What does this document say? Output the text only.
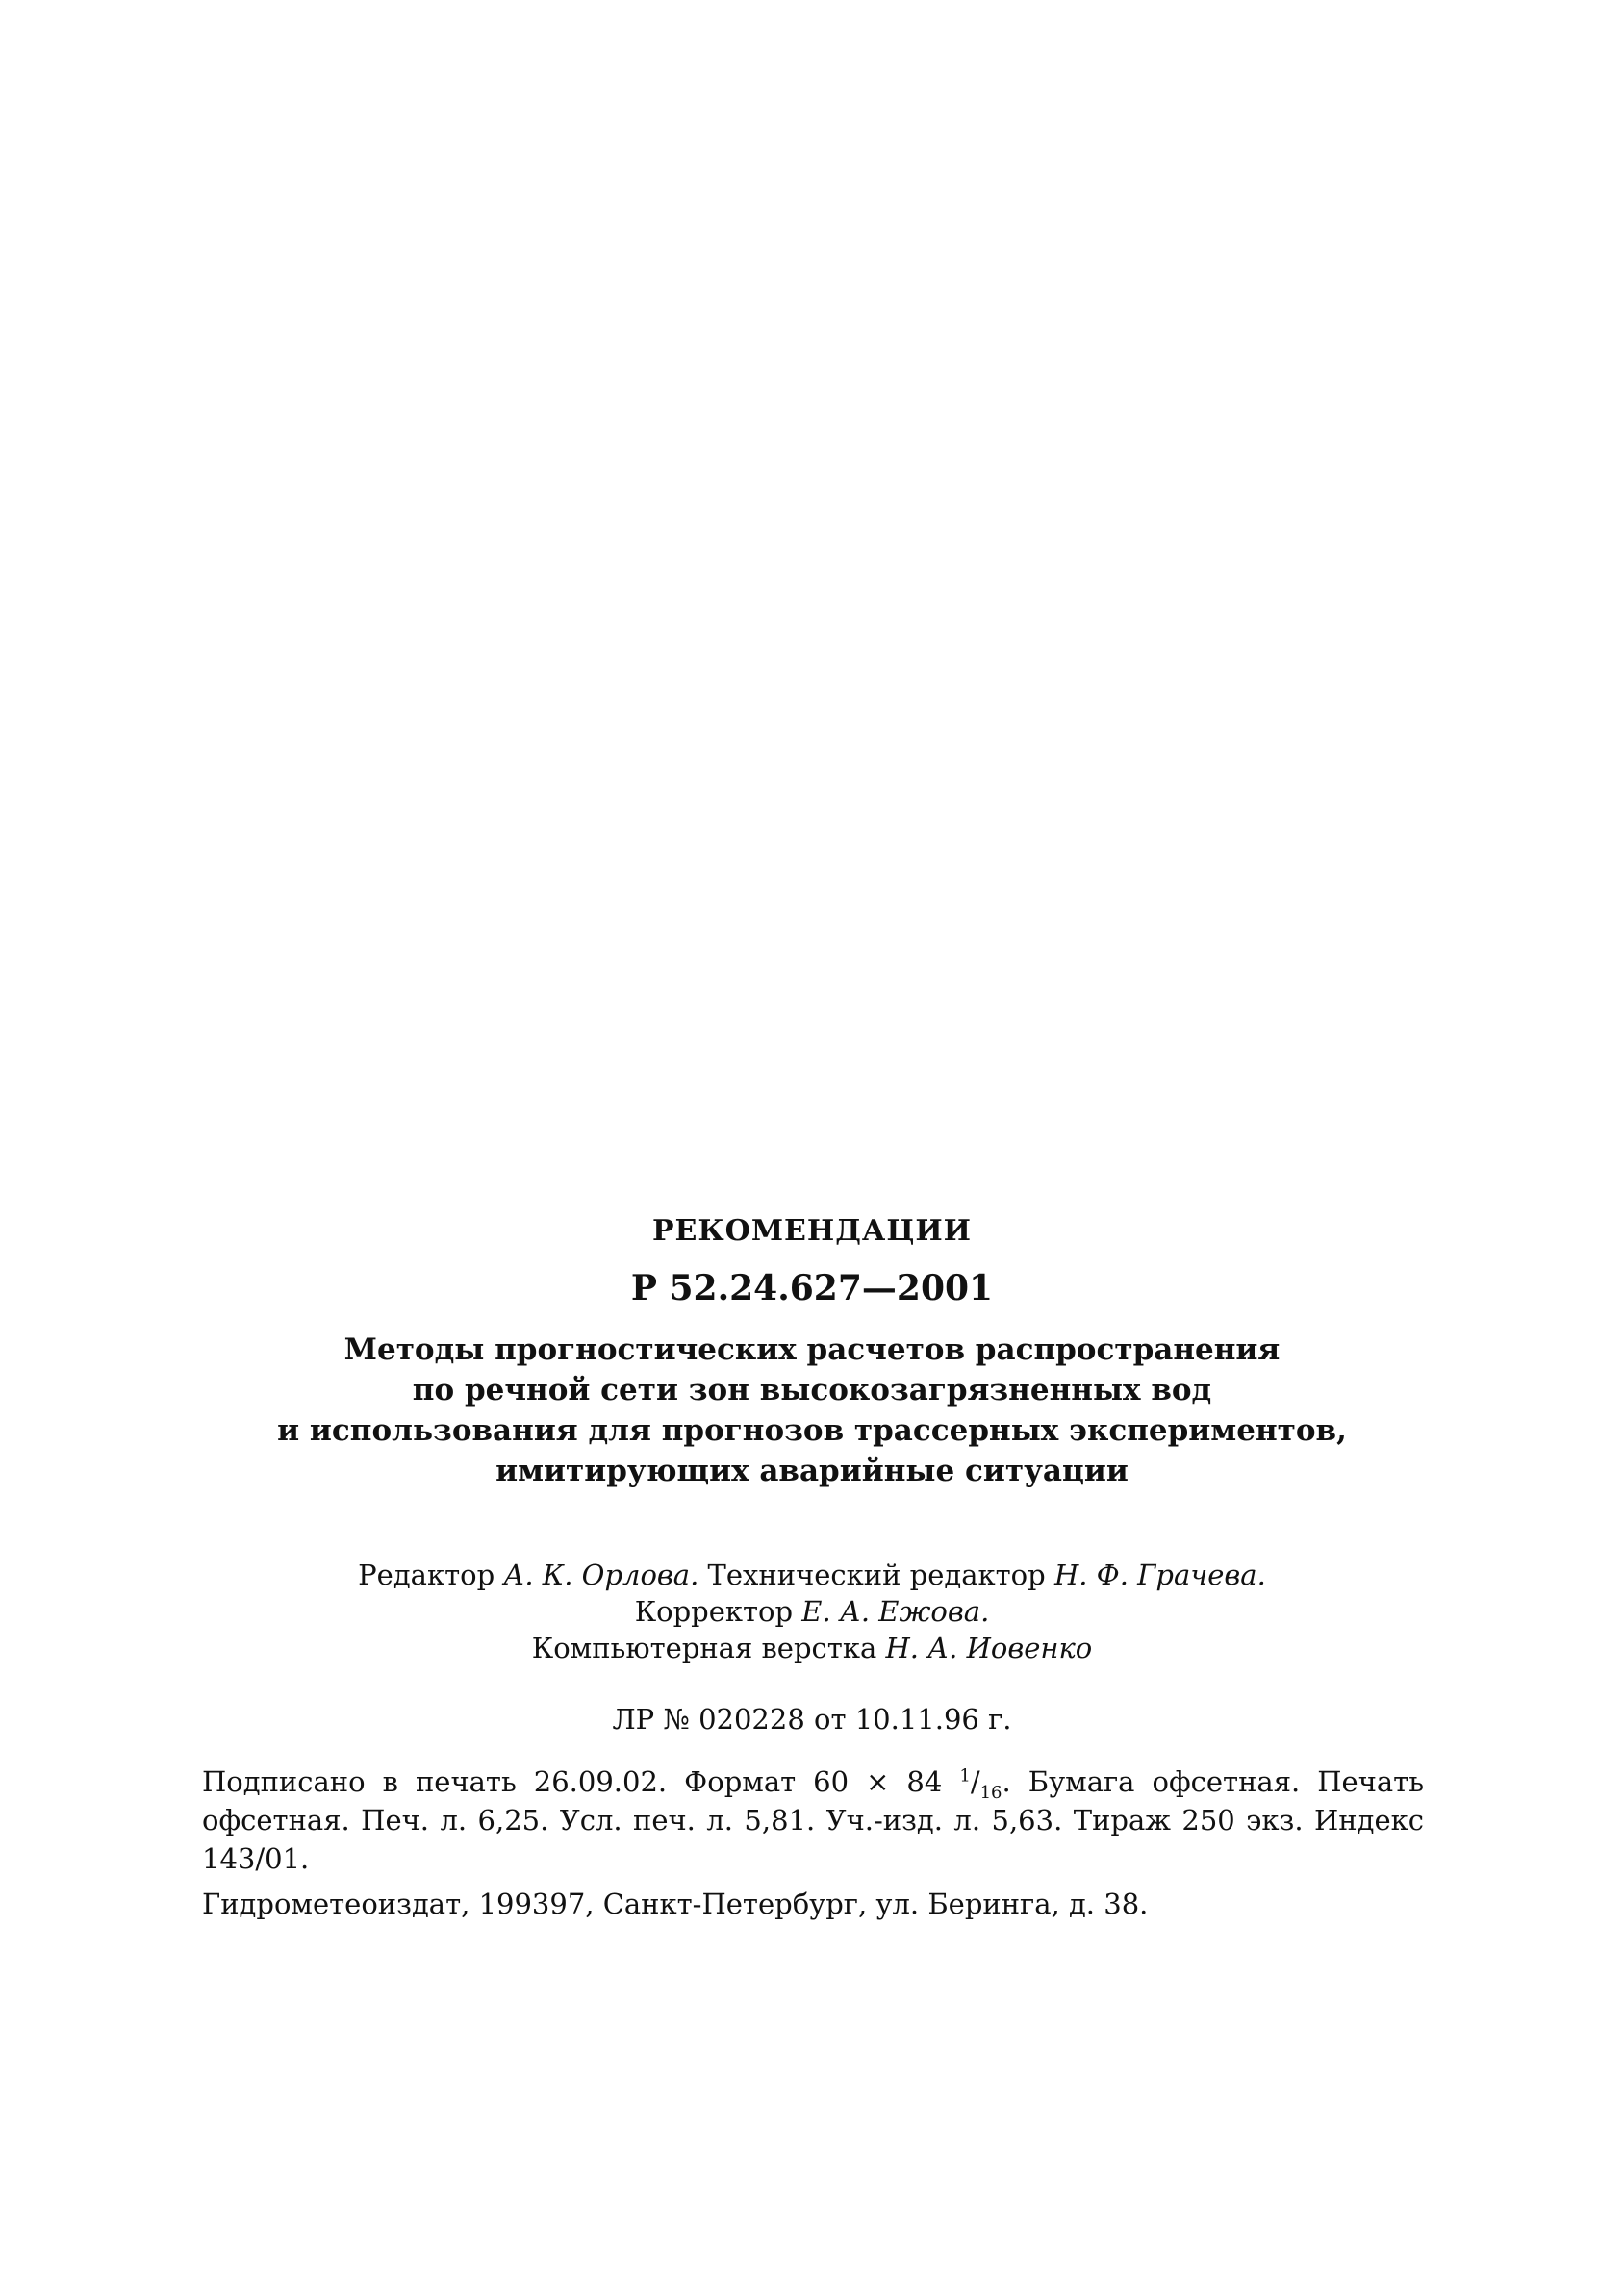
РЕКОМЕНДАЦИИ
Р 52.24.627—2001
Методы прогностических расчетов распространения
по речной сети зон высокозагрязненных вод
и использования для прогнозов трассерных экспериментов,
имитирующих аварийные ситуации
Редактор А. К. Орлова. Технический редактор Н. Ф. Грачева.
Корректор Е. А. Ежова.
Компьютерная верстка Н. А. Иовенко
ЛР № 020228 от 10.11.96 г.
Подписано в печать 26.09.02. Формат 60 × 84 $^1/_{16}$. Бумага офсетная. Печать офсетная. Печ. л. 6,25. Усл. печ. л. 5,81. Уч.-изд. л. 5,63. Тираж 250 экз. Индекс 143/01.
Гидрометеоиздат, 199397, Санкт-Петербург, ул. Беринга, д. 38.
